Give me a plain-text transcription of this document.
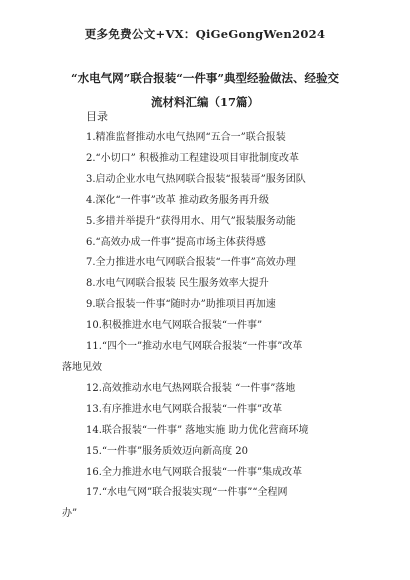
更多免费公文+VX：QiGeGongWen2024
“水电气网”联合报装“一件事”典型经验做法、经验交
流材料汇编（17篇）
目录
1.精准监督推动水电气热网“五合一”联合报装
2.“小切口” 积极推动工程建设项目审批制度改革
3.启动企业水电气热网联合报装“报装哥”服务团队
4.深化“一件事”改革 推动政务服务再升级
5.多措并举提升“获得用水、用气”报装服务动能
6.“高效办成一件事”提高市场主体获得感
7.全力推进水电气网联合报装“一件事”高效办理
8.水电气网联合报装 民生服务效率大提升
9.联合报装一件事“随时办”助推项目再加速
10.积极推进水电气网联合报装“一件事”
11.“四个一”推动水电气网联合报装“一件事”改革
落地见效
12.高效推动水电气热网联合报装 “一件事”落地
13.有序推进水电气网联合报装“一件事”改革
14.联合报装“一件事” 落地实施 助力优化营商环境
15.“一件事”服务质效迈向新高度 20
16.全力推进水电气网联合报装“一件事”集成改革
17.“水电气网”联合报装实现“一件事”“全程网
办”
